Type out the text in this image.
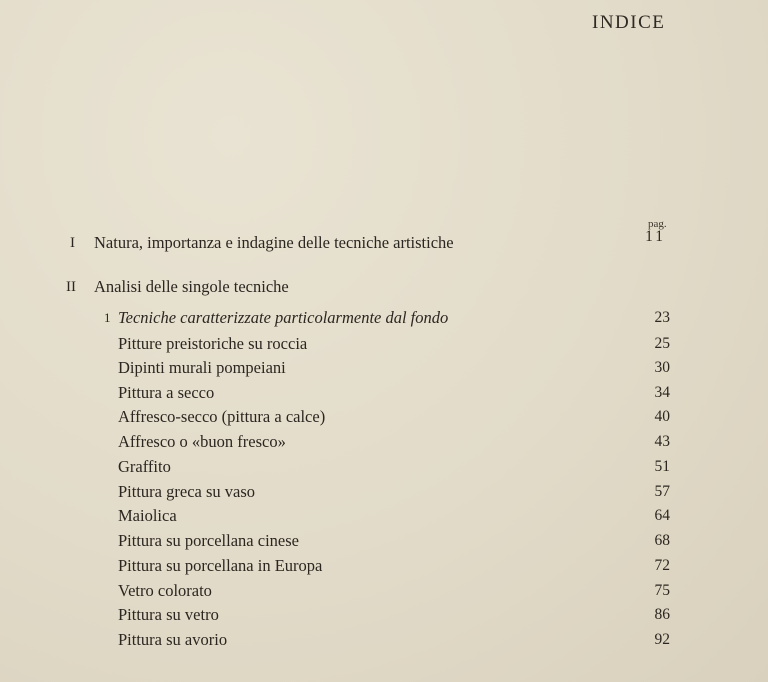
INDICE
pag.
I Natura, importanza e indagine delle tecniche artistiche	11
II Analisi delle singole tecniche
1 Tecniche caratterizzate particolarmente dal fondo	23
Pitture preistoriche su roccia	25
Dipinti murali pompeiani	30
Pittura a secco	34
Affresco-secco (pittura a calce)	40
Affresco o «buon fresco»	43
Graffito	51
Pittura greca su vaso	57
Maiolica	64
Pittura su porcellana cinese	68
Pittura su porcellana in Europa	72
Vetro colorato	75
Pittura su vetro	86
Pittura su avorio	92
